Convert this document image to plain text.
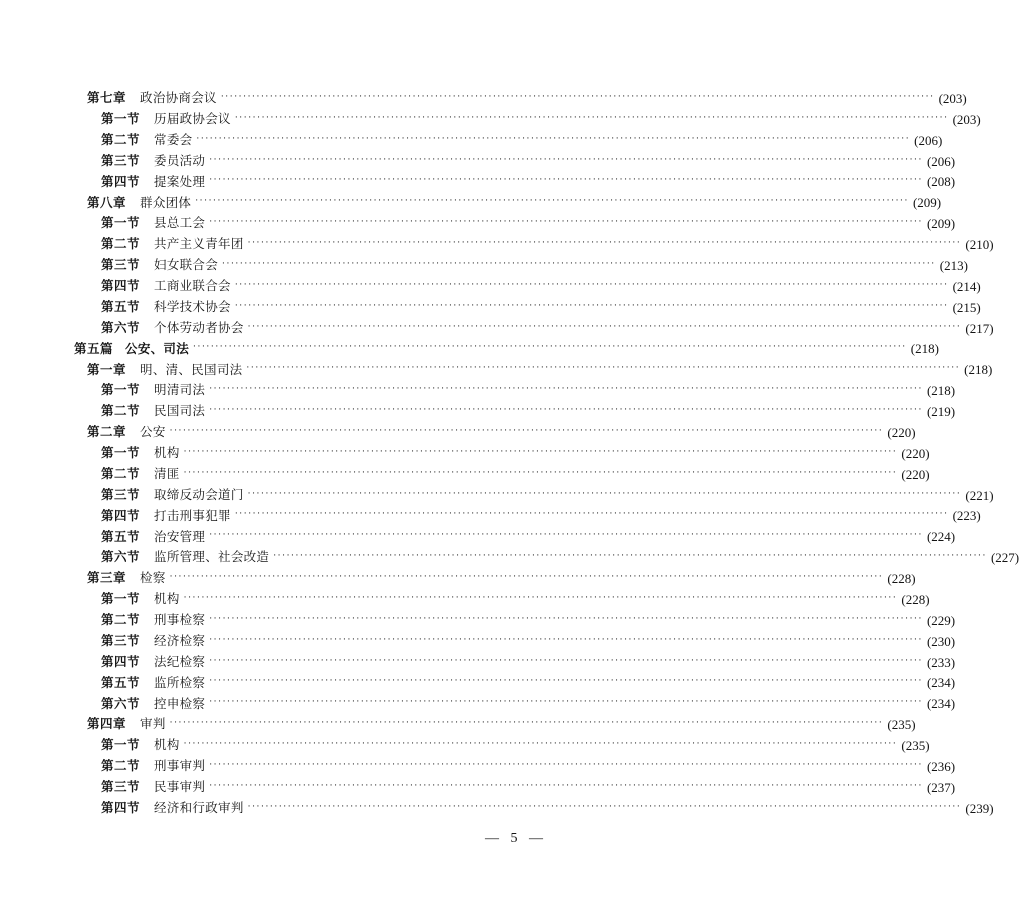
第七章 政治协商会议 ································································································································································ (203)
第一节 历届政协会议 ································································································································································ (203)
第二节 常委会 ································································································································································ (206)
第三节 委员活动 ································································································································································ (206)
第四节 提案处理 ································································································································································ (208)
第八章 群众团体 ································································································································································ (209)
第一节 县总工会 ································································································································································ (209)
第二节 共产主义青年团 ································································································································································ (210)
第三节 妇女联合会 ································································································································································ (213)
第四节 工商业联合会 ································································································································································ (214)
第五节 科学技术协会 ································································································································································ (215)
第六节 个体劳动者协会 ································································································································································ (217)
第五篇 公安、司法 ································································································································································ (218)
第一章 明、清、民国司法 ································································································································································ (218)
第一节 明清司法 ································································································································································ (218)
第二节 民国司法 ································································································································································ (219)
第二章 公安 ································································································································································ (220)
第一节 机构 ································································································································································ (220)
第二节 清匪 ································································································································································ (220)
第三节 取缔反动会道门 ································································································································································ (221)
第四节 打击刑事犯罪 ································································································································································ (223)
第五节 治安管理 ································································································································································ (224)
第六节 监所管理、社会改造 ································································································································································ (227)
第三章 检察 ································································································································································ (228)
第一节 机构 ································································································································································ (228)
第二节 刑事检察 ································································································································································ (229)
第三节 经济检察 ································································································································································ (230)
第四节 法纪检察 ································································································································································ (233)
第五节 监所检察 ································································································································································ (234)
第六节 控申检察 ································································································································································ (234)
第四章 审判 ································································································································································ (235)
第一节 机构 ································································································································································ (235)
第二节 刑事审判 ································································································································································ (236)
第三节 民事审判 ································································································································································ (237)
第四节 经济和行政审判 ································································································································································ (239)
— 5 —
